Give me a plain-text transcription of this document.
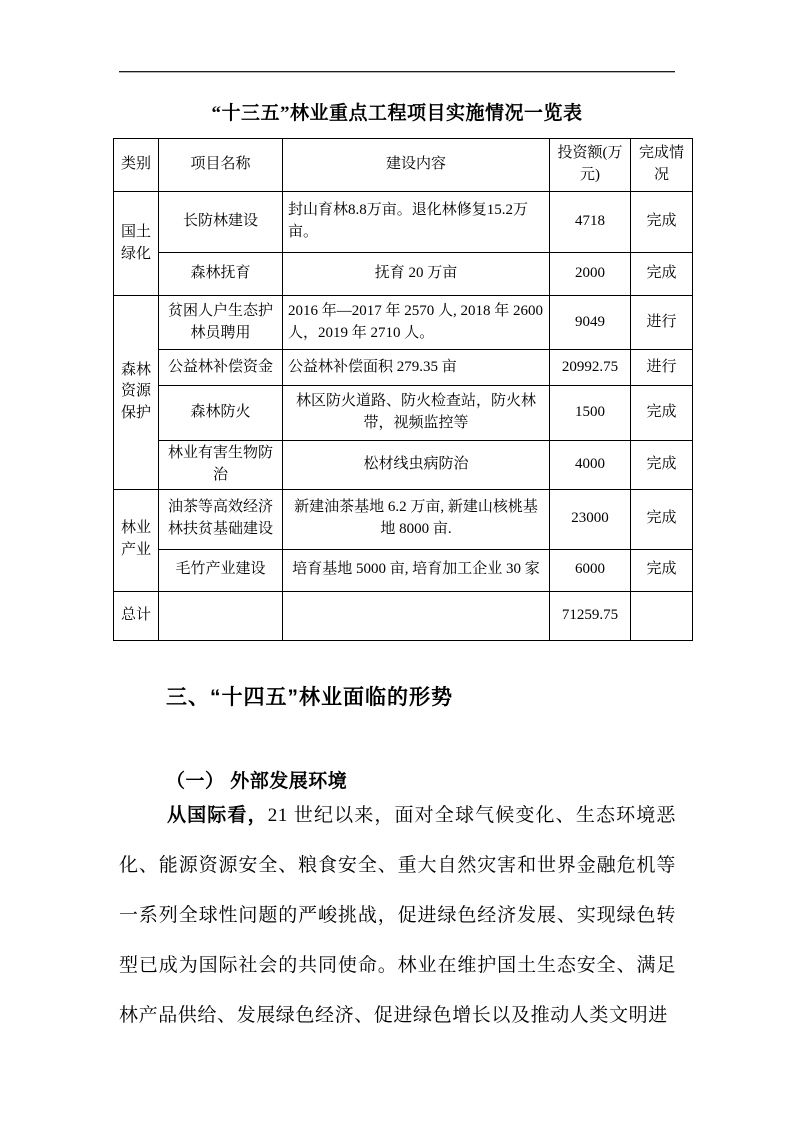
“十三五”林业重点工程项目实施情况一览表
类别	项目名称	建设内容	投资额(万 元)	完成情 况
国土 绿化	长防林建设	封山育林8.8万亩。退化林修复15.2万亩。	4718	完成
	森林抚育	抚育 20 万亩	2000	完成
森林 资源 保护	贫困人户生态护林员聘用	2016 年—2017 年 2570 人, 2018 年 2600 人，2019 年 2710 人。	9049	进行
	公益林补偿资金	公益林补偿面积 279.35 亩	20992.75	进行
	森林防火	林区防火道路、防火检查站，防火林带，视频监控等	1500	完成
	林业有害生物防治	松材线虫病防治	4000	完成
林业 产业	油茶等高效经济林扶贫基础建设	新建油茶基地 6.2 万亩, 新建山核桃基地 8000 亩.	23000	完成
	毛竹产业建设	培育基地 5000 亩, 培育加工企业 30 家	6000	完成
总计			71259.75	
三、“十四五”林业面临的形势
（一） 外部发展环境
从国际看，21 世纪以来，面对全球气候变化、生态环境恶化、能源资源安全、粮食安全、重大自然灾害和世界金融危机等一系列全球性问题的严峻挑战，促进绿色经济发展、实现绿色转型已成为国际社会的共同使命。林业在维护国土生态安全、满足林产品供给、发展绿色经济、促进绿色增长以及推动人类文明进
